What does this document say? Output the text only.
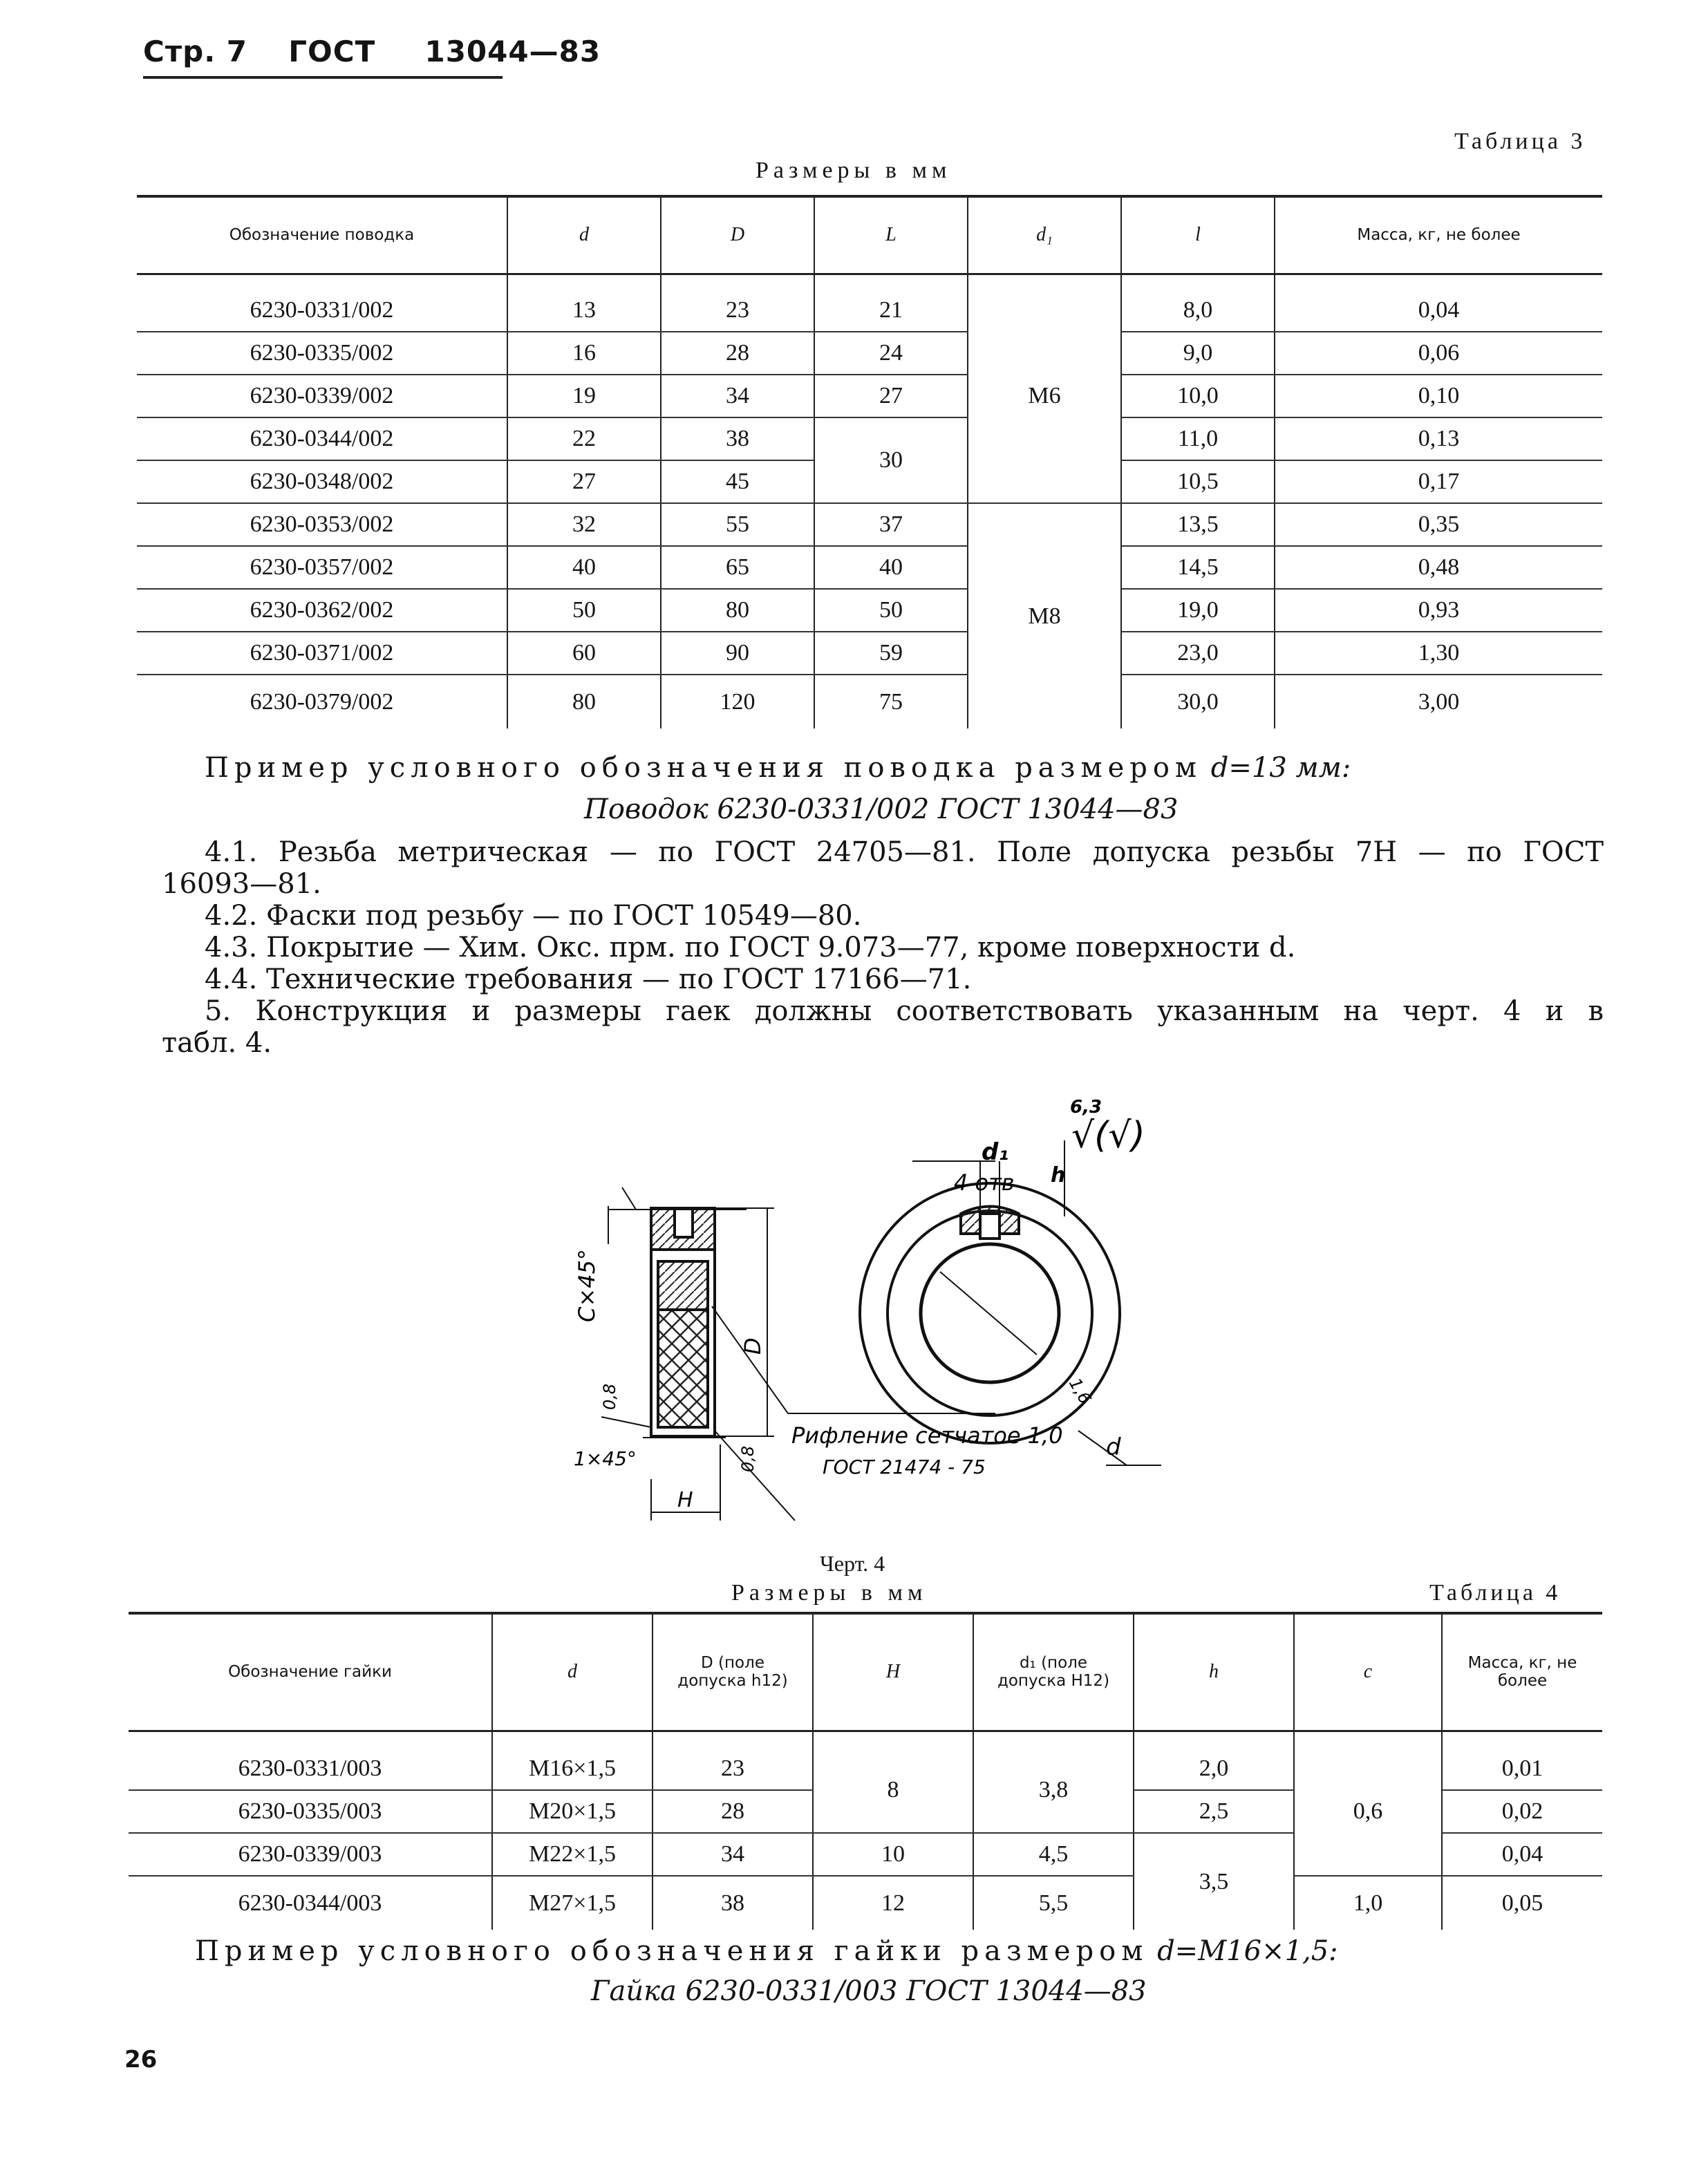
Стр. 7 ГОСТ 13044—83
Таблица 3
Размеры в мм
Обозначение поводка	d	D	L	d₁	l	Масса, кг, не более

6230-0331/002	13	23	21	М6	8,0	0,04
6230-0335/002	16	28	24		9,0	0,06
6230-0339/002	19	34	27		10,0	0,10
6230-0344/002	22	38	30		11,0	0,13
6230-0348/002	27	45			10,5	0,17
6230-0353/002	32	55	37	М8	13,5	0,35
6230-0357/002	40	65	40		14,5	0,48
6230-0362/002	50	80	50		19,0	0,93
6230-0371/002	60	90	59		23,0	1,30
6230-0379/002	80	120	75		30,0	3,00
Пример условного обозначения поводка размером d=13 мм:
Поводок 6230-0331/002 ГОСТ 13044—83
4.1. Резьба метрическая — по ГОСТ 24705—81. Поле допуска резьбы 7H — по ГОСТ
16093—81.
4.2. Фаски под резьбу — по ГОСТ 10549—80.
4.3. Покрытие — Хим. Окс. прм. по ГОСТ 9.073—77, кроме поверхности d.
4.4. Технические требования — по ГОСТ 17166—71.
5. Конструкция и размеры гаек должны соответствовать указанным на черт. 4 и в
табл. 4.
6,3
√(√)
d₁
4 отв h
C×45°
D
0,8
1×45°	0,8
H
1,6
d
Рифление сетчатое 1,0
ГОСТ 21474 - 75
Черт. 4
Размеры в мм	Таблица 4
Обозначение гайки	d	D (поле допуска h12)	H	d₁ (поле допуска H12)	h	c	Масса, кг, не более

6230-0331/003	M16×1,5	23	8	3,8	2,0	0,6	0,01
6230-0335/003	M20×1,5	28			2,5		0,02
6230-0339/003	M22×1,5	34	10	4,5	3,5		0,04
6230-0344/003	M27×1,5	38	12	5,5		1,0	0,05
Пример условного обозначения гайки размером d=M16×1,5:
Гайка 6230-0331/003 ГОСТ 13044—83
26
